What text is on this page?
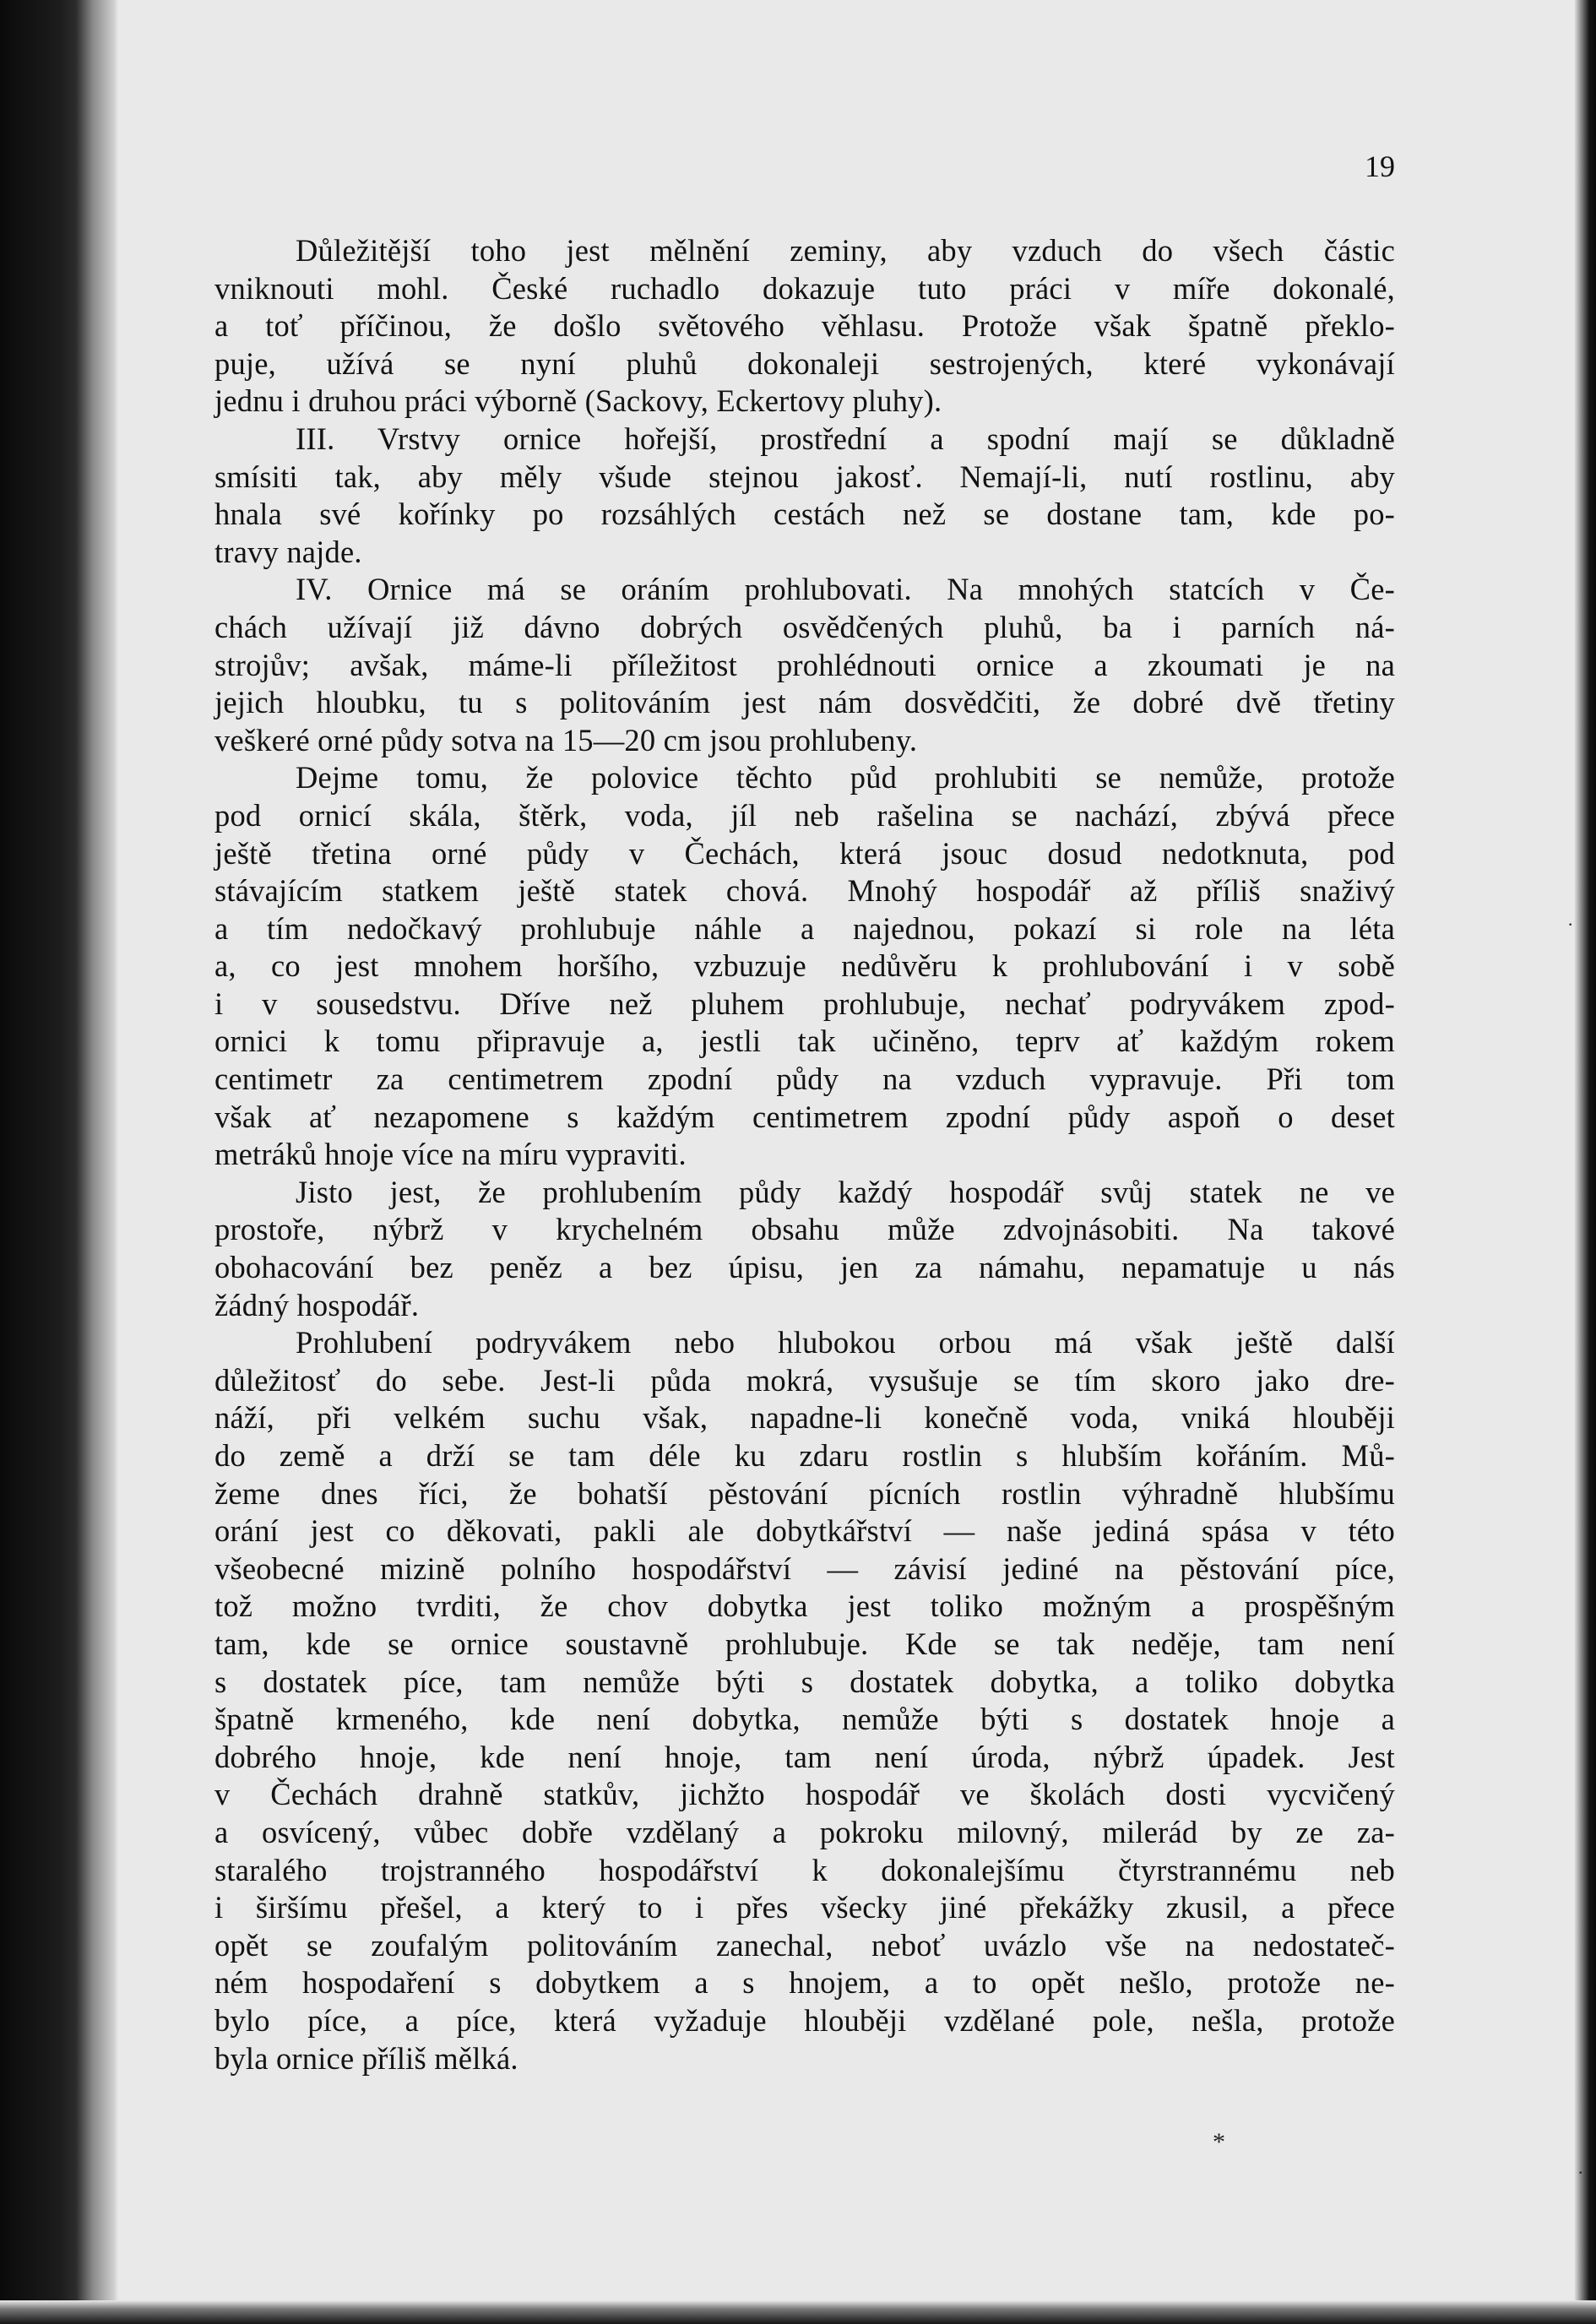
19
Důležitější toho jest mělnění zeminy, aby vzduch do všech částic
vniknouti mohl. České ruchadlo dokazuje tuto práci v míře dokonalé,
a toť příčinou, že došlo světového věhlasu. Protože však špatně překlo-
puje, užívá se nyní pluhů dokonaleji sestrojených, které vykonávají
jednu i druhou práci výborně (Sackovy, Eckertovy pluhy).
III. Vrstvy ornice hořejší, prostřední a spodní mají se důkladně
smísiti tak, aby měly všude stejnou jakosť. Nemají-li, nutí rostlinu, aby
hnala své kořínky po rozsáhlých cestách než se dostane tam, kde po-
travy najde.
IV. Ornice má se oráním prohlubovati. Na mnohých statcích v Če-
chách užívají již dávno dobrých osvědčených pluhů, ba i parních ná-
strojův; avšak, máme-li příležitost prohlédnouti ornice a zkoumati je na
jejich hloubku, tu s politováním jest nám dosvědčiti, že dobré dvě třetiny
veškeré orné půdy sotva na 15—20 cm jsou prohlubeny.
Dejme tomu, že polovice těchto půd prohlubiti se nemůže, protože
pod ornicí skála, štěrk, voda, jíl neb rašelina se nachází, zbývá přece
ještě třetina orné půdy v Čechách, která jsouc dosud nedotknuta, pod
stávajícím statkem ještě statek chová. Mnohý hospodář až příliš snaživý
a tím nedočkavý prohlubuje náhle a najednou, pokazí si role na léta
a, co jest mnohem horšího, vzbuzuje nedůvěru k prohlubování i v sobě
i v sousedstvu. Dříve než pluhem prohlubuje, nechať podryvákem zpod-
ornici k tomu připravuje a, jestli tak učiněno, teprv ať každým rokem
centimetr za centimetrem zpodní půdy na vzduch vypravuje. Při tom
však ať nezapomene s každým centimetrem zpodní půdy aspoň o deset
metráků hnoje více na míru vypraviti.
Jisto jest, že prohlubením půdy každý hospodář svůj statek ne ve
prostoře, nýbrž v krychelném obsahu může zdvojnásobiti. Na takové
obohacování bez peněz a bez úpisu, jen za námahu, nepamatuje u nás
žádný hospodář.
Prohlubení podryvákem nebo hlubokou orbou má však ještě další
důležitosť do sebe. Jest-li půda mokrá, vysušuje se tím skoro jako dre-
náží, při velkém suchu však, napadne-li konečně voda, vniká hlouběji
do země a drží se tam déle ku zdaru rostlin s hlubším kořáním. Mů-
žeme dnes říci, že bohatší pěstování pícních rostlin výhradně hlubšímu
orání jest co děkovati, pakli ale dobytkářství — naše jediná spása v této
všeobecné mizině polního hospodářství — závisí jediné na pěstování píce,
tož možno tvrditi, že chov dobytka jest toliko možným a prospěšným
tam, kde se ornice soustavně prohlubuje. Kde se tak neděje, tam není
s dostatek píce, tam nemůže býti s dostatek dobytka, a toliko dobytka
špatně krmeného, kde není dobytka, nemůže býti s dostatek hnoje a
dobrého hnoje, kde není hnoje, tam není úroda, nýbrž úpadek. Jest
v Čechách drahně statkův, jichžto hospodář ve školách dosti vycvičený
a osvícený, vůbec dobře vzdělaný a pokroku milovný, milerád by ze za-
staralého trojstranného hospodářství k dokonalejšímu čtyrstrannému neb
i širšímu přešel, a který to i přes všecky jiné překážky zkusil, a přece
opět se zoufalým politováním zanechal, neboť uvázlo vše na nedostateč-
ném hospodaření s dobytkem a s hnojem, a to opět nešlo, protože ne-
bylo píce, a píce, která vyžaduje hlouběji vzdělané pole, nešla, protože
byla ornice příliš mělká.
·
·
*
